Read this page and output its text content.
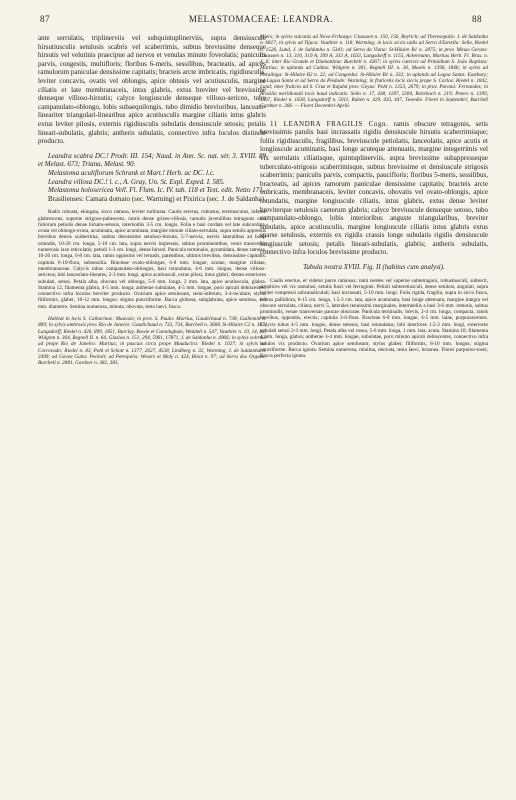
87	MELASTOMACEAE: LEANDRA.	88

ante serrulatis, triplinerviis vel subquintuplinerviis, supra densiuscule hirsutiusculis setulosis scabris vel scaberrimis, subtus brevissime denseque hirsutis vel velutinis praecipue ad nervos et venulas minute foveolatis; paniculis parvis, congestis, multifloris; floribus 6-meris, sessilibus, bracteatis, ad apices ramulorum paniculae densissime capitatis; bracteis arcte imbricatis, rigidiusculis, leviter concavis, ovatis vel oblongis, apice obtusis vel acutiusculis, margine ciliatis et late membranaceis, intus glabris, extus breviter vel brevissime denseque villoso-hirsutis; calyce longiuscule denseque villoso-sericeo, tubo campanulato-oblongo, lobis subaequilongis, tubo dimidio brevioribus, lanceato-lineariter triangulari-linearibus apice acutiusculis margine ciliatis intus glabris extus leviter pilosis, externis rigidiusculis subulatis densiuscule setosis; petalis lineari-subulatis, glabris; antheris subulatis, connectivo infra loculos distincte producto.

Leandra scabra DC.! Prodr. III. 154; Naud. in Ann. Sc. nat. sér. 3. XVIII. 89 et Melast. 673; Triana, Melast. 90.

Melastoma aculiflorum Schrank et Mart.! Herb. ac DC. l.c.

Leandra villosa DC.! l. c., A. Gray, Un. St. Expl. Exped. I. 585.

Melastoma holosericea Vell. Fl. Flum. Ic. IV. tab. 118 et Text. edit. Netto 171.

Brasilienses: Camara domato (sec. Warming) et Pixirica (sec. J. de Saldanha).

Radix robusta, elongata, sicco ramosa, leviter turbinata. Caulis erectus, robustus, teretiusculus, inferne glabrescens, superne strigoso-pubescens, ramis dense griseo-villosis, ramulis juvenilibus tetragonis cum foliorum petiolis dense hirsuto-setosis, internodiis 3-5 cm. longis. Folia e basi cordata vel late subcordata, ovata vel oblongo-ovata, acuminata, apice acuminata, margine minute ciliato-serrulata, supra setulis appressis brevibus densis scaberrima, subtus densissime setuloso-hirsuta, 5-7-nervia, nervis lateralibus ad basin oriundis, 10-20 cm. longa, 5-10 cm. lata, supra nervis impressis, subtus prominentibus, venis transversis numerosis laxe reticulatis; petioli 1-3 cm. longi, dense hirsuti. Panicula terminalis, pyramidata, dense ramosa, 10-20 cm. longa, 6-8 cm. lata, ramis oppositis vel ternatis, patentibus, ultimis brevibus, densissime capitatis; capitula 6-10-flora, subsessilia. Bracteae ovato-oblongae, 6-8 mm. longae, acutae, margine ciliatae, membranaceae. Calycis tubus campanulato-oblongus, basi rotundatus, 4-6 mm. longus, dense villoso-sericeus; lobi lanceolato-lineares, 2-3 mm. longi, apice acutiusculi, extus pilosi, intus glabri; dentes exteriores subulati, setosi. Petala alba, obovata vel oblonga, 5-6 mm. longa, 2 mm. lata, apice acutiuscula, glabra. Stamina 12, filamenta glabra, 4-5 mm. longa; antherae subulatae, 4-5 mm. longae, poro apicali dehiscentes, connectivo infra loculos breviter producto. Ovarium apice setulosum, semi-inferum, 3-4-loculare; stylus filiformis, glaber, 10-12 mm. longus; stigma punctiforme. Bacca globosa, subglabrata, apice setulosa, 4-6 mm. diametro. Semina numerosa, minuta, obovata, testa laevi, fusca.

Habitat in locis S. Catharinae: Mauvais; in prov. S. Paulo: Martius, Gaudichaud n. 738, Guillemin n. 869; in sylvis umbrosis prov. Rio de Janeiro: Gaudichaud n. 733, 734, Burchell n. 3668, St-Hilaire C2 n. 107, Langsdorff, Riedel n. 426, 899, 1851, Barclay, Bowie et Cunningham, Weddell n. 547, Vauthier n. 10, 14, 64, Widgren n. 364, Regnell II. n. 64, Glaziou n. 151, 294, 5961, 17871, J. de Saldanha n. 4966; in sylvis volrmia ad prope Rio de Janeiro: Martius; in pascuis circa prope Mauducira: Riedel n. 1027; in sylvis ad Corcovado: Riedel n. 83, Pohl et Schott n. 1377, 2627, 4538, Lindberg n. 32, Warming, J. de Saldanha n. 3499; ad Gavea Gaba: Peckolt; ad Petropolis: Weserz et Moly n. 424, Binot n. 97; ad Serra dos Orgaos: Burchell n. 2881, Gardner n. 382, 383,

Miers; in sylvis vulcanis ad Novo-Friburgo: Claussen n. 150, 156, Beyrich; ad Theresopolis: J. de Saldanha n. 6817; in sylvis ad Tijuca: Vauthier n. 118, Warming; in locis siccis uidis ad Serra d'Estrella: Sello, Riedel n. 1526, Lund, J. de Saldanha n. 5341; ad Serra da Viana: St-Hilaire B1 n. 2875; in prov. Minas Geraes: Claussen n. 13, 310, 319 A, 399 A, 333 A, 1633, Langsdorff n. 1155, Ackermann, Martius Herb. Fl. Bras. n. 4, 6; inter Rio Grande et Diamantina: Burchell n. 4267; in sylvis catervis ad Primidium S. João Baptista: Martius; in uplands ad Caldas: Widgren n. 361, Regnell III. n. 36, Mosén n. 1396, 1846; in sylvis ad Paraibiga: St-Hilaire B2 n. 22; ad Congonha: St-Hilaire B1 n. 332; in uplands ad Lagoa Santa: Eastbury; ad Lagoa Santa et ad Serra do Piedade: Warming; in fruticetis locis siccis prope S. Carlos: Riedel n. 1842, Lund; inter frutices ad S. Cruz et Itajubá prov. Goyaz: Pohl n. 1253, 2679; in prov. Paraná: Fernandes; in Brasilia meridionali locis haud indicatis: Sello n. 17, 438, 1187, 2284, Rohrbach n. 219; Peters n. 1399, 1337, Riedel n. 1828, Langsdorff n. 5011, Ruben n. 429, 433, 447, Tweedie. Floret in Septembri; Burchell Gardner n. 366. — Floret Decembri-Aprili.

11 LEANDRA FRAGILIS Cogn. ramis obscure tetragonis, setis brevissimis patulis basi incrassatis rigidis densiuscule hirsutis scaberrimisque; foliis rigidiusculis, fragilibus, breviuscule petiolatis, lanceolatis, apice acutis et longiuscule acuminatis, basi longe acuteque attenuatis, margine integerrimis vel vix serrulatis ciliatisque, quintuplinerviis, supra brevissime subappresseque tuberculato-strigosis scaberrimisque, subtus brevissime et densiuscule strigosis scaberrimis; paniculis parvis, compactis, paucifloris; floribus 5-meris, sessilibus, bracteatis, ad apices ramorum paniculae densissime capitatis; bracteis arcte imbricatis, membranaceis, leviter concavis, obovatis vel ovato-oblongis, apice rotundatis, margine longiuscule ciliatis, intus glabris, extus dense leviter breviterque setulosis caeterum glabris; calyce breviuscule denseque setoso, tubo campanulato-oblongo, lobis interioribus anguste triangularibus, breviter subulatis, apice acutiusculis, margine longiuscule ciliatis intus glabris extus sparse setulosis, externis ex rigidis crassis longe subulatis rigidis densiuscule longiuscule setosis; petalis lineari-subulatis, glabris; antheris subulatis, connectivo infra loculos brevissime producto.

Tabula nostra XVIII. Fig. II (habitus cum analysi).

Caulis erectus, et videtur parce ramosus; rami teretes vel superne subtetragoni, robustiusculi, subrecti, simplices vel vix ramulosi, setulis fusci vel ferruginei. Petioli subteretiusculi, dense setulosi, angulati, supra leviter compressi subcanaliculati, basi incrassati, 5-10 mm. longi. Folia rigida, fragilia, supra in sicco fusca, subtus pallidiora, 8-15 cm. longa, 1.5-3 cm. lata, apice acuminata, basi longe attenuata, margine integra vel obscure serrulata, ciliata; nervi 5, laterales tenuissimi marginales, intermediis a basi 3-6 mm. remotis, subtus prominulis, venae transversae paucae obscurae. Panicula terminalis, brevis, 2-4 cm. longa, compacta, ramis brevibus, oppositis, erectis; capitula 3-6-flora. Bracteae 6-8 mm. longae, 4-5 mm. latae, purpurascentes. Calycis tubus 4-5 mm. longus, dense setosus, basi rotundatus; lobi interiores 1.5-2 mm. longi, exteriores subulati setosi 2-3 mm. longi. Petala alba vel rosea, 5-6 mm. longa, 1 mm. lata, acuta. Stamina 10; filamenta 4 mm. longa, glabra; antherae 3-4 mm. longae, subulatae, poro minuto apicali dehiscentes, connectivo infra loculos vix producto. Ovarium apice setulosum; stylus glaber, filiformis, 8-10 mm. longus; stigma punctiforme. Bacca ignota. Semina numerosa, minima, obovata, testa laevi, brunnea. Flores purpureo-rosei; Bacca perfecta ignota.
